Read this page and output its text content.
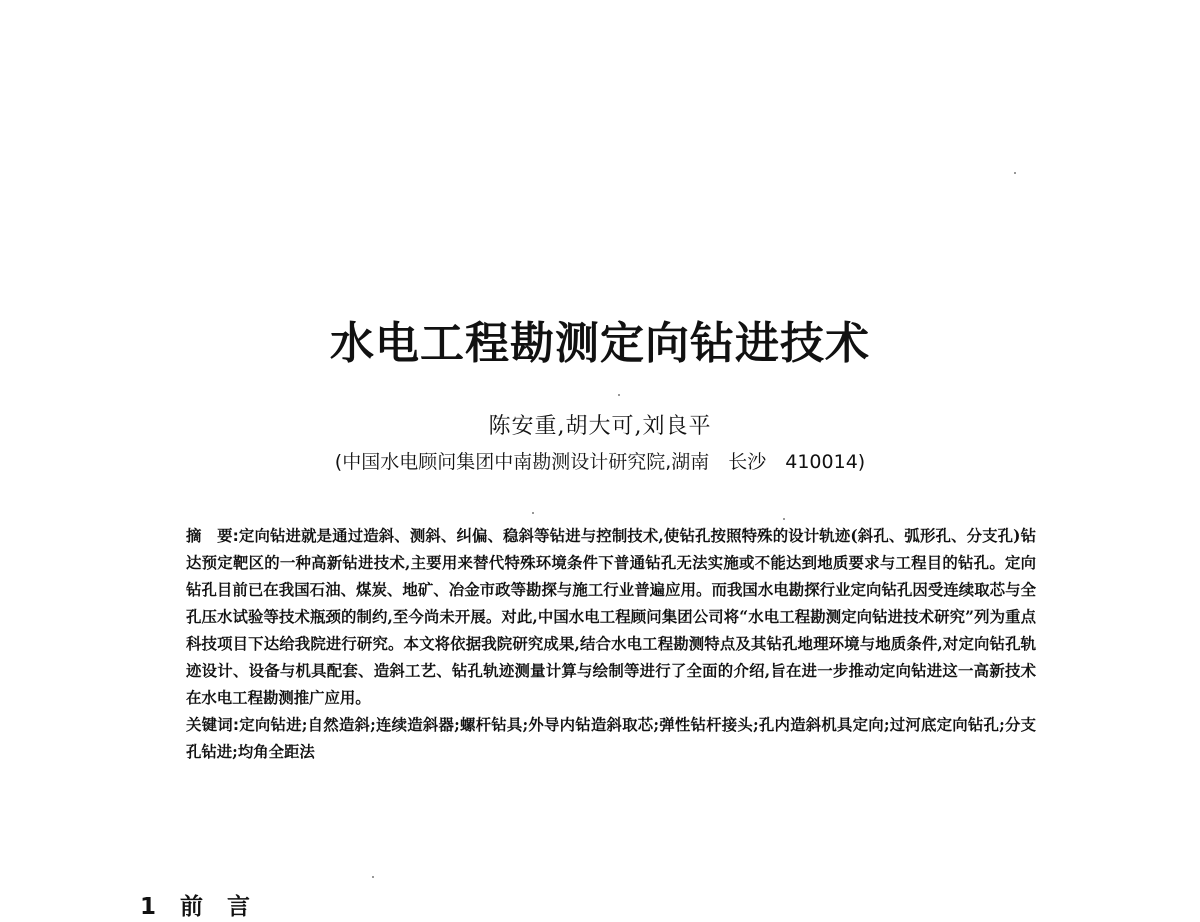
水电工程勘测定向钻进技术
陈安重,胡大可,刘良平
(中国水电顾问集团中南勘测设计研究院,湖南　长沙　410014)

摘　要:定向钻进就是通过造斜、测斜、纠偏、稳斜等钻进与控制技术,使钻孔按照特殊的设计轨迹(斜孔、弧形孔、分支孔)钻达预定靶区的一种高新钻进技术,主要用来替代特殊环境条件下普通钻孔无法实施或不能达到地质要求与工程目的钻孔。定向钻孔目前已在我国石油、煤炭、地矿、冶金市政等勘探与施工行业普遍应用。而我国水电勘探行业定向钻孔因受连续取芯与全孔压水试验等技术瓶颈的制约,至今尚未开展。对此,中国水电工程顾问集团公司将“水电工程勘测定向钻进技术研究”列为重点科技项目下达给我院进行研究。本文将依据我院研究成果,结合水电工程勘测特点及其钻孔地理环境与地质条件,对定向钻孔轨迹设计、设备与机具配套、造斜工艺、钻孔轨迹测量计算与绘制等进行了全面的介绍,旨在进一步推动定向钻进这一高新技术在水电工程勘测推广应用。

关键词:定向钻进;自然造斜;连续造斜器;螺杆钻具;外导内钻造斜取芯;弹性钻杆接头;孔内造斜机具定向;过河底定向钻孔;分支孔钻进;均角全距法

1 前 言
